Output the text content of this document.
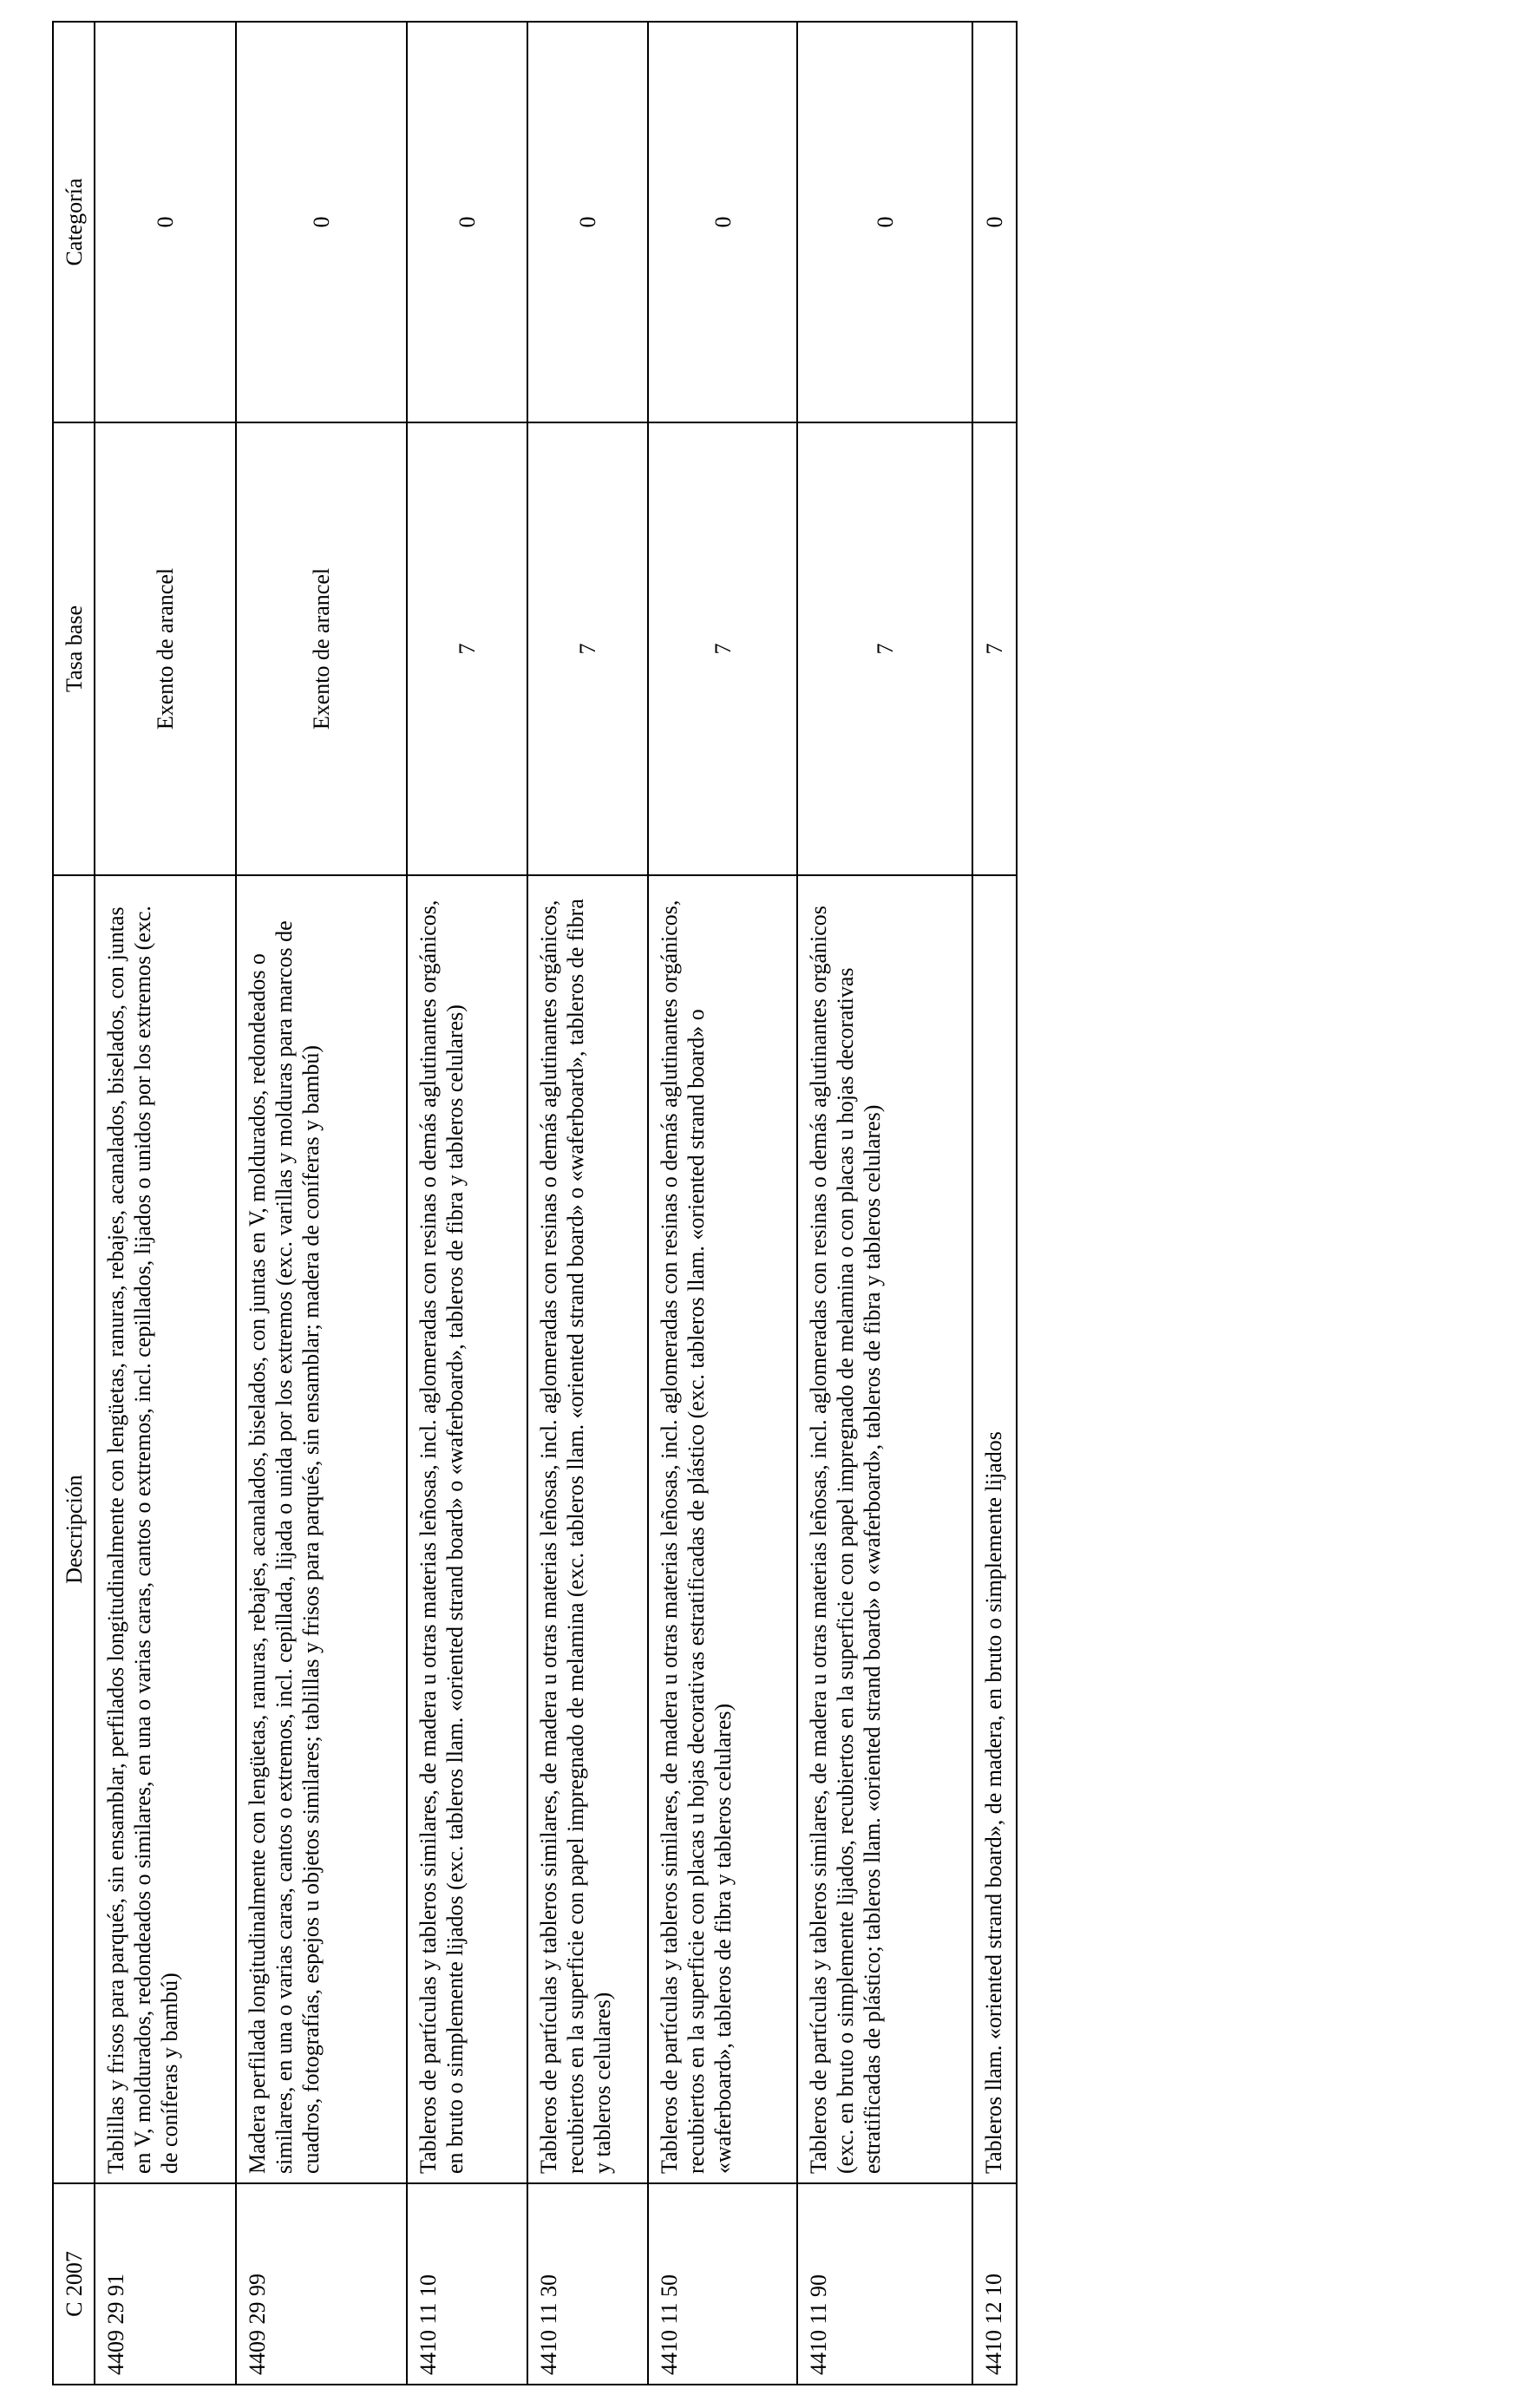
C 2007	Descripción	Tasa base	Categoría
4409 29 91	Tablillas y frisos para parqués, sin ensamblar, perfilados longitudinalmente con lengüetas, ranuras, rebajes, acanalados, biselados, con juntas en V, moldurados, redondeados o similares, en una o varias caras, cantos o extremos, incl. cepillados, lijados o unidos por los extremos (exc. de coníferas y bambú)	Exento de arancel	0
4409 29 99	Madera perfilada longitudinalmente con lengüetas, ranuras, rebajes, acanalados, biselados, con juntas en V, moldurados, redondeados o similares, en una o varias caras, cantos o extremos, incl. cepillada, lijada o unida por los extremos (exc. varillas y molduras para marcos de cuadros, fotografías, espejos u objetos similares; tablillas y frisos para parqués, sin ensamblar; madera de coníferas y bambú)	Exento de arancel	0
4410 11 10	Tableros de partículas y tableros similares, de madera u otras materias leñosas, incl. aglomeradas con resinas o demás aglutinantes orgánicos, en bruto o simplemente lijados (exc. tableros llam. «oriented strand board» o «waferboard», tableros de fibra y tableros celulares)	7	0
4410 11 30	Tableros de partículas y tableros similares, de madera u otras materias leñosas, incl. aglomeradas con resinas o demás aglutinantes orgánicos, recubiertos en la superficie con papel impregnado de melamina (exc. tableros llam. «oriented strand board» o «waferboard», tableros de fibra y tableros celulares)	7	0
4410 11 50	Tableros de partículas y tableros similares, de madera u otras materias leñosas, incl. aglomeradas con resinas o demás aglutinantes orgánicos, recubiertos en la superficie con placas u hojas decorativas estratificadas de plástico (exc. tableros llam. «oriented strand board» o «waferboard», tableros de fibra y tableros celulares)	7	0
4410 11 90	Tableros de partículas y tableros similares, de madera u otras materias leñosas, incl. aglomeradas con resinas o demás aglutinantes orgánicos (exc. en bruto o simplemente lijados, recubiertos en la superficie con papel impregnado de melamina o con placas u hojas decorativas estratificadas de plástico; tableros llam. «oriented strand board» o «waferboard», tableros de fibra y tableros celulares)	7	0
4410 12 10	Tableros llam. «oriented strand board», de madera, en bruto o simplemente lijados	7	0
